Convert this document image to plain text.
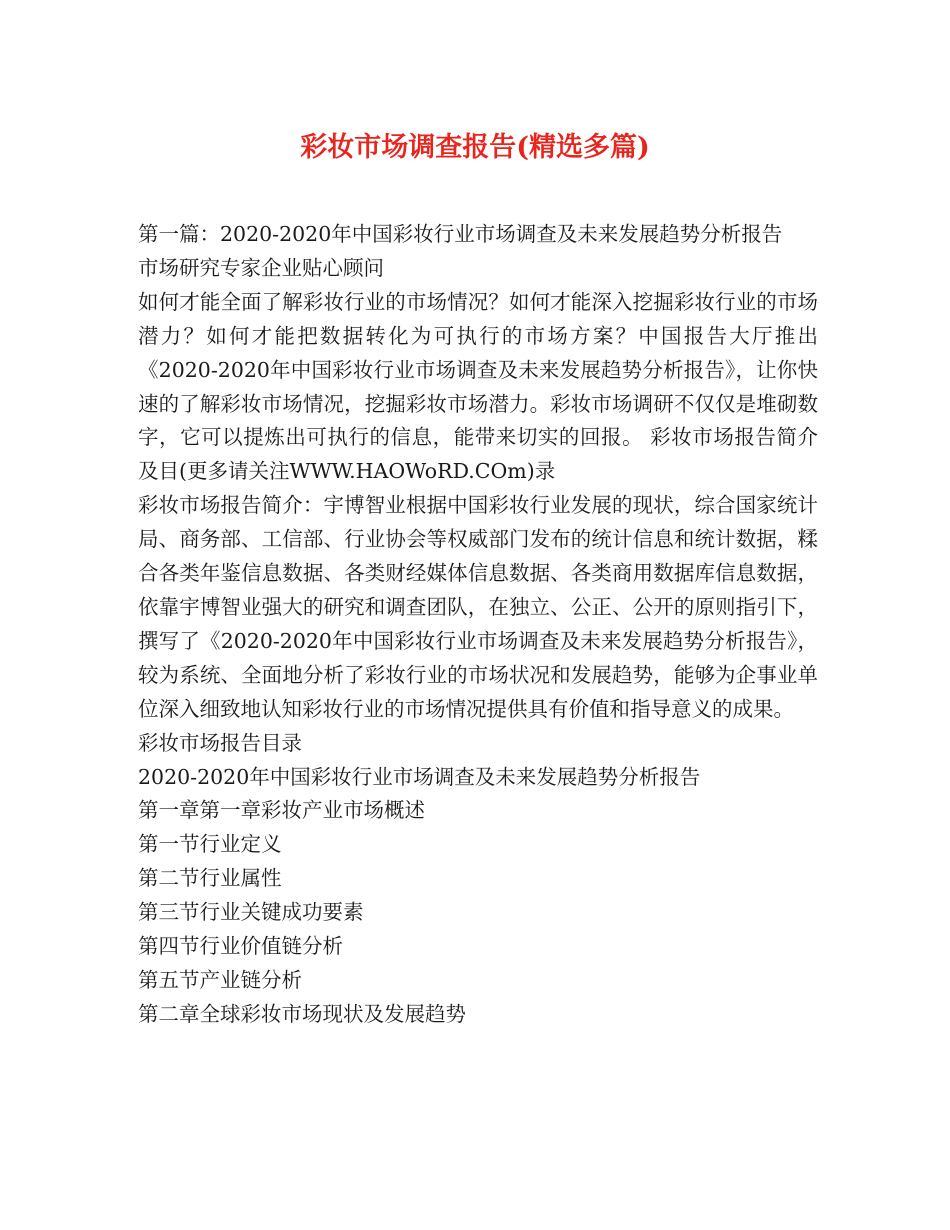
彩妆市场调查报告(精选多篇)

第一篇：2020-2020年中国彩妆行业市场调查及未来发展趋势分析报告

市场研究专家企业贴心顾问

如何才能全面了解彩妆行业的市场情况？如何才能深入挖掘彩妆行业的市场潜力？如何才能把数据转化为可执行的市场方案？中国报告大厅推出《2020-2020年中国彩妆行业市场调查及未来发展趋势分析报告》，让你快速的了解彩妆市场情况，挖掘彩妆市场潜力。彩妆市场调研不仅仅是堆砌数字，它可以提炼出可执行的信息，能带来切实的回报。 彩妆市场报告简介及目(更多请关注WWW.HAOWoRD.COm)录

彩妆市场报告简介：宇博智业根据中国彩妆行业发展的现状，综合国家统计局、商务部、工信部、行业协会等权威部门发布的统计信息和统计数据，糅合各类年鉴信息数据、各类财经媒体信息数据、各类商用数据库信息数据，依靠宇博智业强大的研究和调查团队，在独立、公正、公开的原则指引下，撰写了《2020-2020年中国彩妆行业市场调查及未来发展趋势分析报告》，较为系统、全面地分析了彩妆行业的市场状况和发展趋势，能够为企事业单位深入细致地认知彩妆行业的市场情况提供具有价值和指导意义的成果。

彩妆市场报告目录

2020-2020年中国彩妆行业市场调查及未来发展趋势分析报告

第一章第一章彩妆产业市场概述

第一节行业定义

第二节行业属性

第三节行业关键成功要素

第四节行业价值链分析

第五节产业链分析

第二章全球彩妆市场现状及发展趋势
